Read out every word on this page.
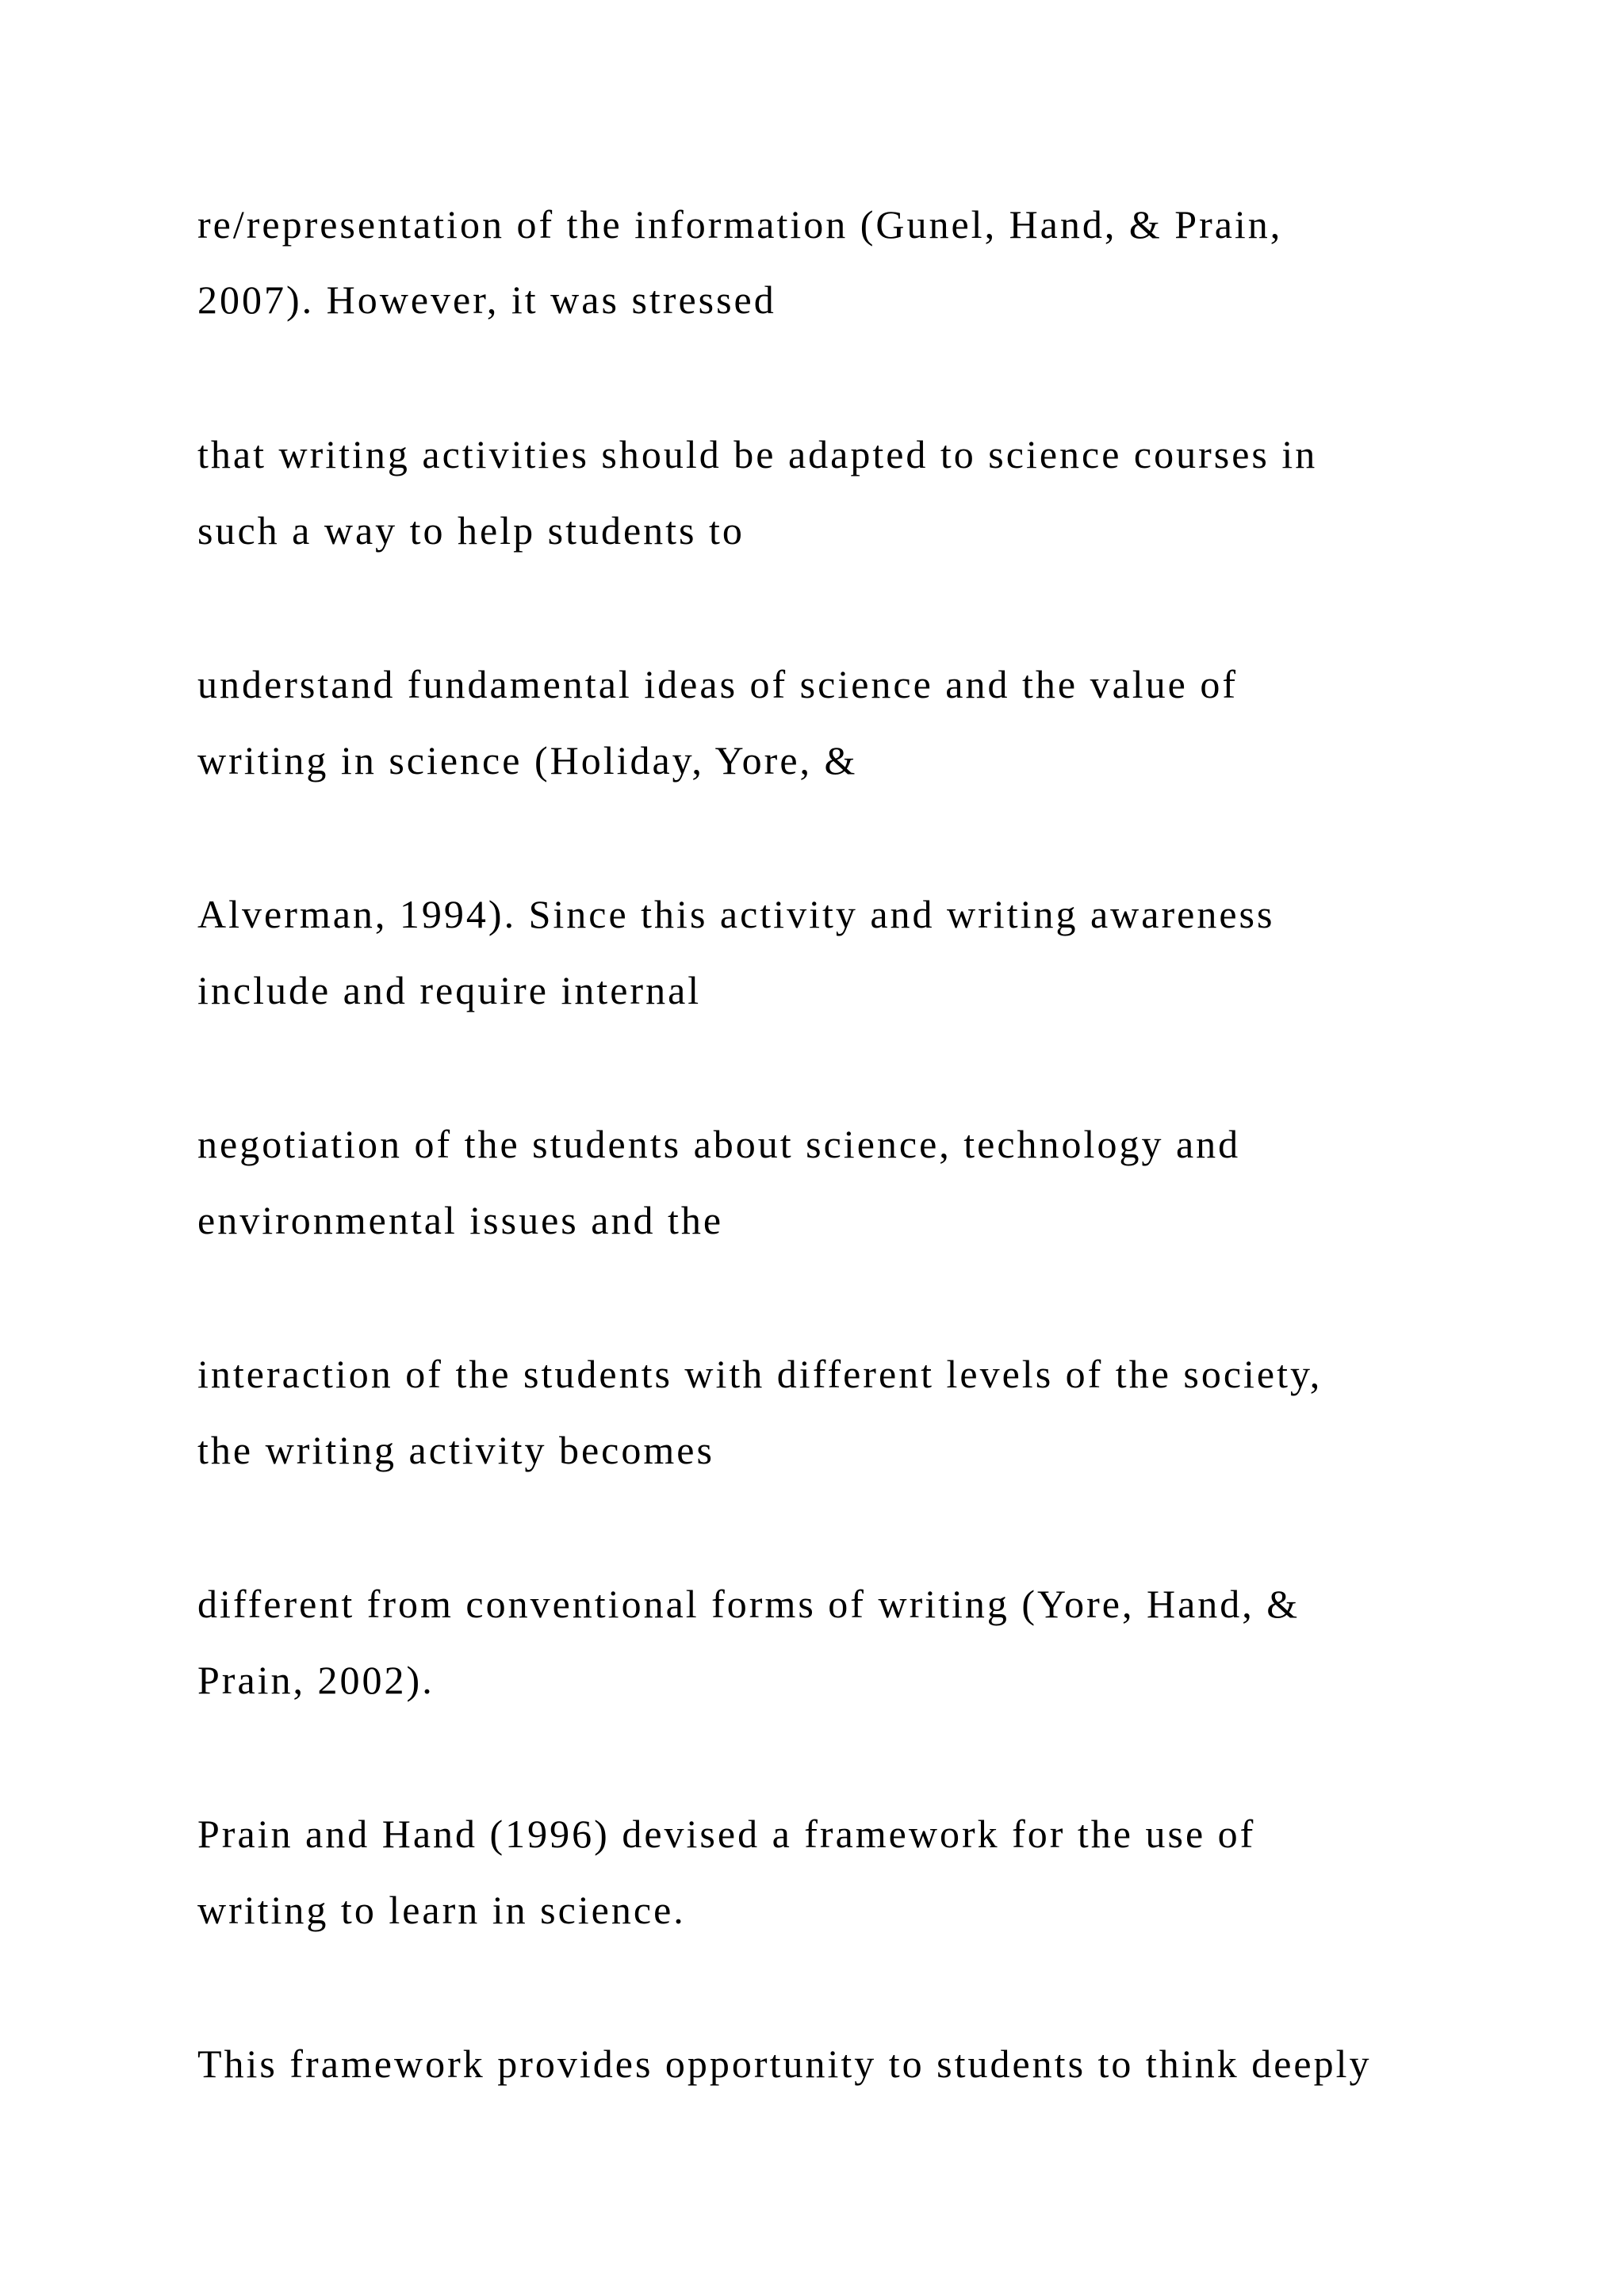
re/representation of the information (Gunel, Hand, & Prain,

2007). However, it was stressed

that writing activities should be adapted to science courses in

such a way to help students to

understand fundamental ideas of science and the value of

writing in science (Holiday, Yore, &

Alverman, 1994). Since this activity and writing awareness

include and require internal

negotiation of the students about science, technology and

environmental issues and the

interaction of the students with different levels of the society,

the writing activity becomes

different from conventional forms of writing (Yore, Hand, &

Prain, 2002).

Prain and Hand (1996) devised a framework for the use of

writing to learn in science.

This framework provides opportunity to students to think deeply
